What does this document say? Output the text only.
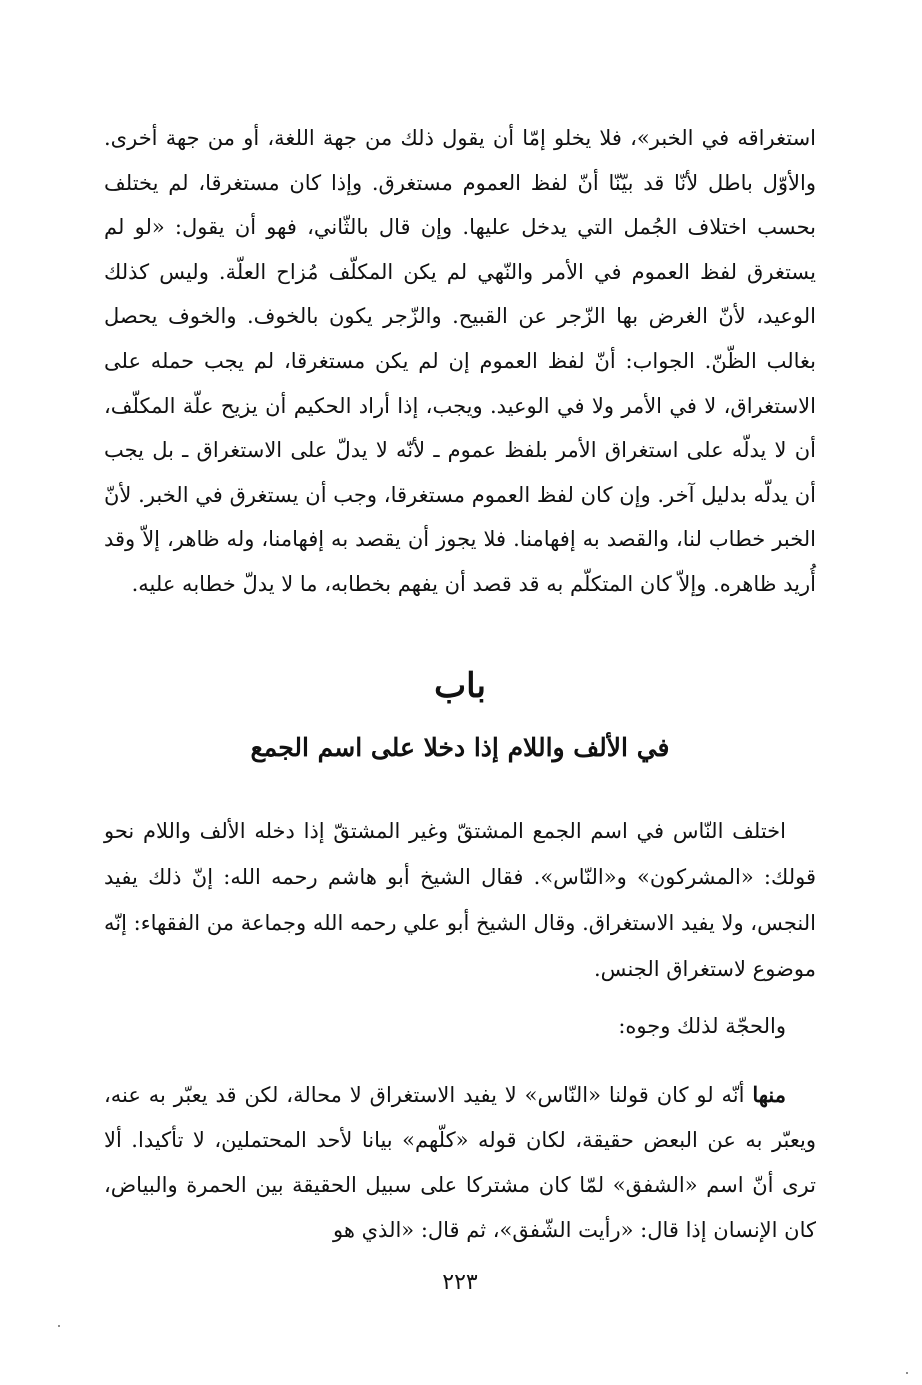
استغراقه في الخبر»، فلا يخلو إمّا أن يقول ذلك من جهة اللغة، أو من جهة أخرى. والأوّل باطل لأنّا قد بيّنّا أنّ لفظ العموم مستغرق. وإذا كان مستغرقا، لم يختلف بحسب اختلاف الجُمل التي يدخل عليها. وإن قال بالثّاني، فهو أن يقول: «لو لم يستغرق لفظ العموم في الأمر والنّهي لم يكن المكلّف مُزاح العلّة. وليس كذلك الوعيد، لأنّ الغرض بها الزّجر عن القبيح. والزّجر يكون بالخوف. والخوف يحصل بغالب الظّنّ. الجواب: أنّ لفظ العموم إن لم يكن مستغرقا، لم يجب حمله على الاستغراق، لا في الأمر ولا في الوعيد. ويجب، إذا أراد الحكيم أن يزيح علّة المكلّف، أن لا يدلّه على استغراق الأمر بلفظ عموم ـ لأنّه لا يدلّ على الاستغراق ـ بل يجب أن يدلّه بدليل آخر. وإن كان لفظ العموم مستغرقا، وجب أن يستغرق في الخبر. لأنّ الخبر خطاب لنا، والقصد به إفهامنا. فلا يجوز أن يقصد به إفهامنا، وله ظاهر، إلاّ وقد أُريد ظاهره. وإلاّ كان المتكلّم به قد قصد أن يفهم بخطابه، ما لا يدلّ خطابه عليه.

باب
في الألف واللام إذا دخلا على اسم الجمع

اختلف النّاس في اسم الجمع المشتقّ وغير المشتقّ إذا دخله الألف واللام نحو قولك: «المشركون» و«النّاس». فقال الشيخ أبو هاشم رحمه الله: إنّ ذلك يفيد النجس، ولا يفيد الاستغراق. وقال الشيخ أبو علي رحمه الله وجماعة من الفقهاء: إنّه موضوع لاستغراق الجنس.

والحجّة لذلك وجوه:

منها أنّه لو كان قولنا «النّاس» لا يفيد الاستغراق لا محالة، لكن قد يعبّر به عنه، ويعبّر به عن البعض حقيقة، لكان قوله «كلّهم» بيانا لأحد المحتملين، لا تأكيدا. ألا ترى أنّ اسم «الشفق» لمّا كان مشتركا على سبيل الحقيقة بين الحمرة والبياض، كان الإنسان إذا قال: «رأيت الشّفق»، ثم قال: «الذي هو

٢٢٣
